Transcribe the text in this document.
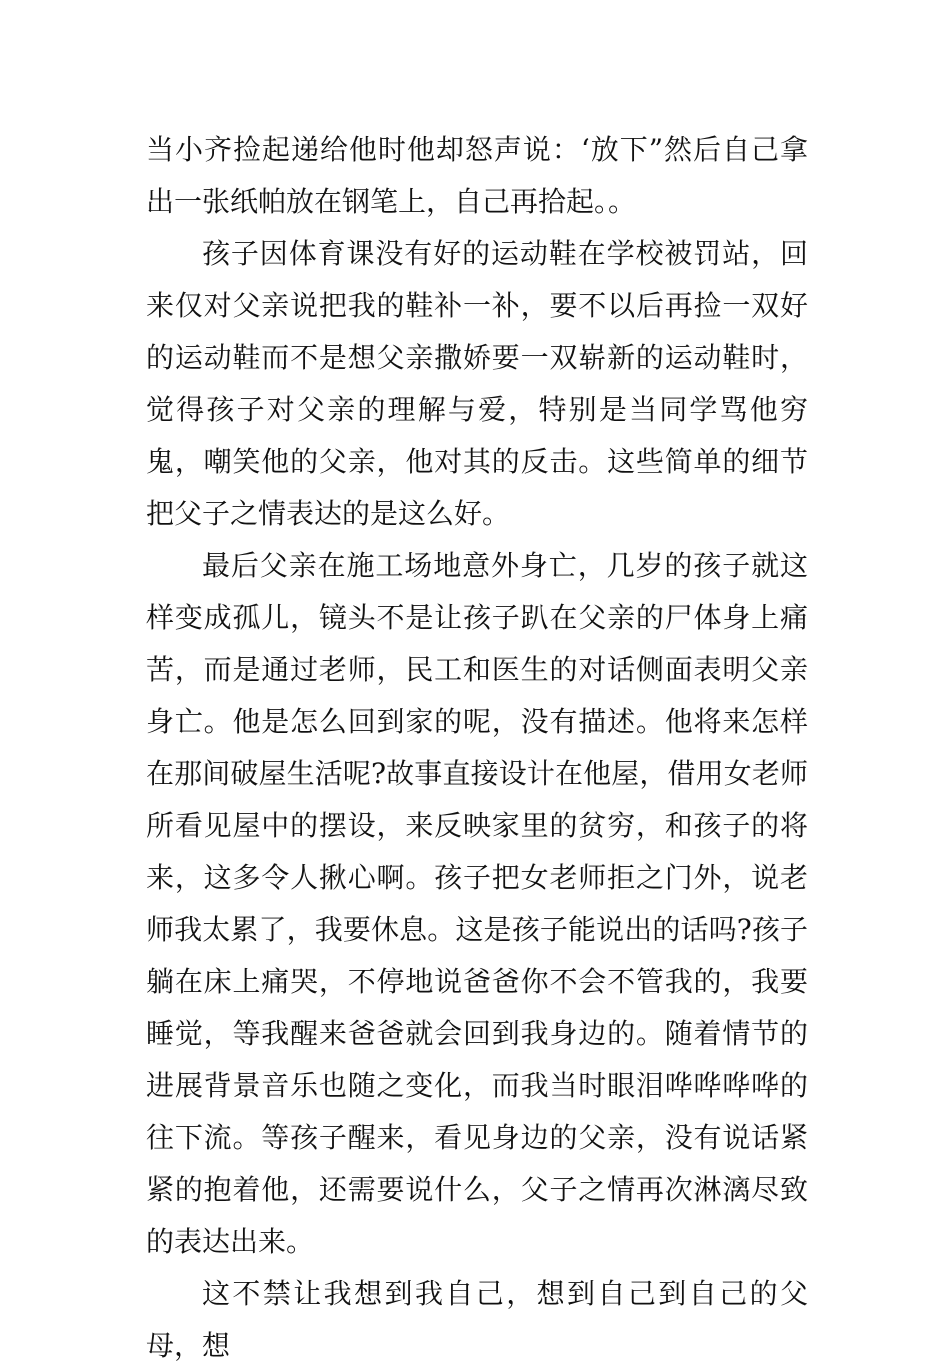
当小齐捡起递给他时他却怒声说：‘放下”然后自己拿出一张纸帕放在钢笔上，自己再拾起。。

孩子因体育课没有好的运动鞋在学校被罚站，回来仅对父亲说把我的鞋补一补，要不以后再捡一双好的运动鞋而不是想父亲撒娇要一双崭新的运动鞋时，觉得孩子对父亲的理解与爱，特别是当同学骂他穷鬼，嘲笑他的父亲，他对其的反击。这些简单的细节把父子之情表达的是这么好。

最后父亲在施工场地意外身亡，几岁的孩子就这样变成孤儿，镜头不是让孩子趴在父亲的尸体身上痛苦，而是通过老师，民工和医生的对话侧面表明父亲身亡。他是怎么回到家的呢，没有描述。他将来怎样在那间破屋生活呢?故事直接设计在他屋，借用女老师所看见屋中的摆设，来反映家里的贫穷，和孩子的将来，这多令人揪心啊。孩子把女老师拒之门外，说老师我太累了，我要休息。这是孩子能说出的话吗?孩子躺在床上痛哭，不停地说爸爸你不会不管我的，我要睡觉，等我醒来爸爸就会回到我身边的。随着情节的进展背景音乐也随之变化，而我当时眼泪哗哗哗哗的往下流。等孩子醒来，看见身边的父亲，没有说话紧紧的抱着他，还需要说什么，父子之情再次淋漓尽致的表达出来。

这不禁让我想到我自己，想到自己到自己的父母，想
